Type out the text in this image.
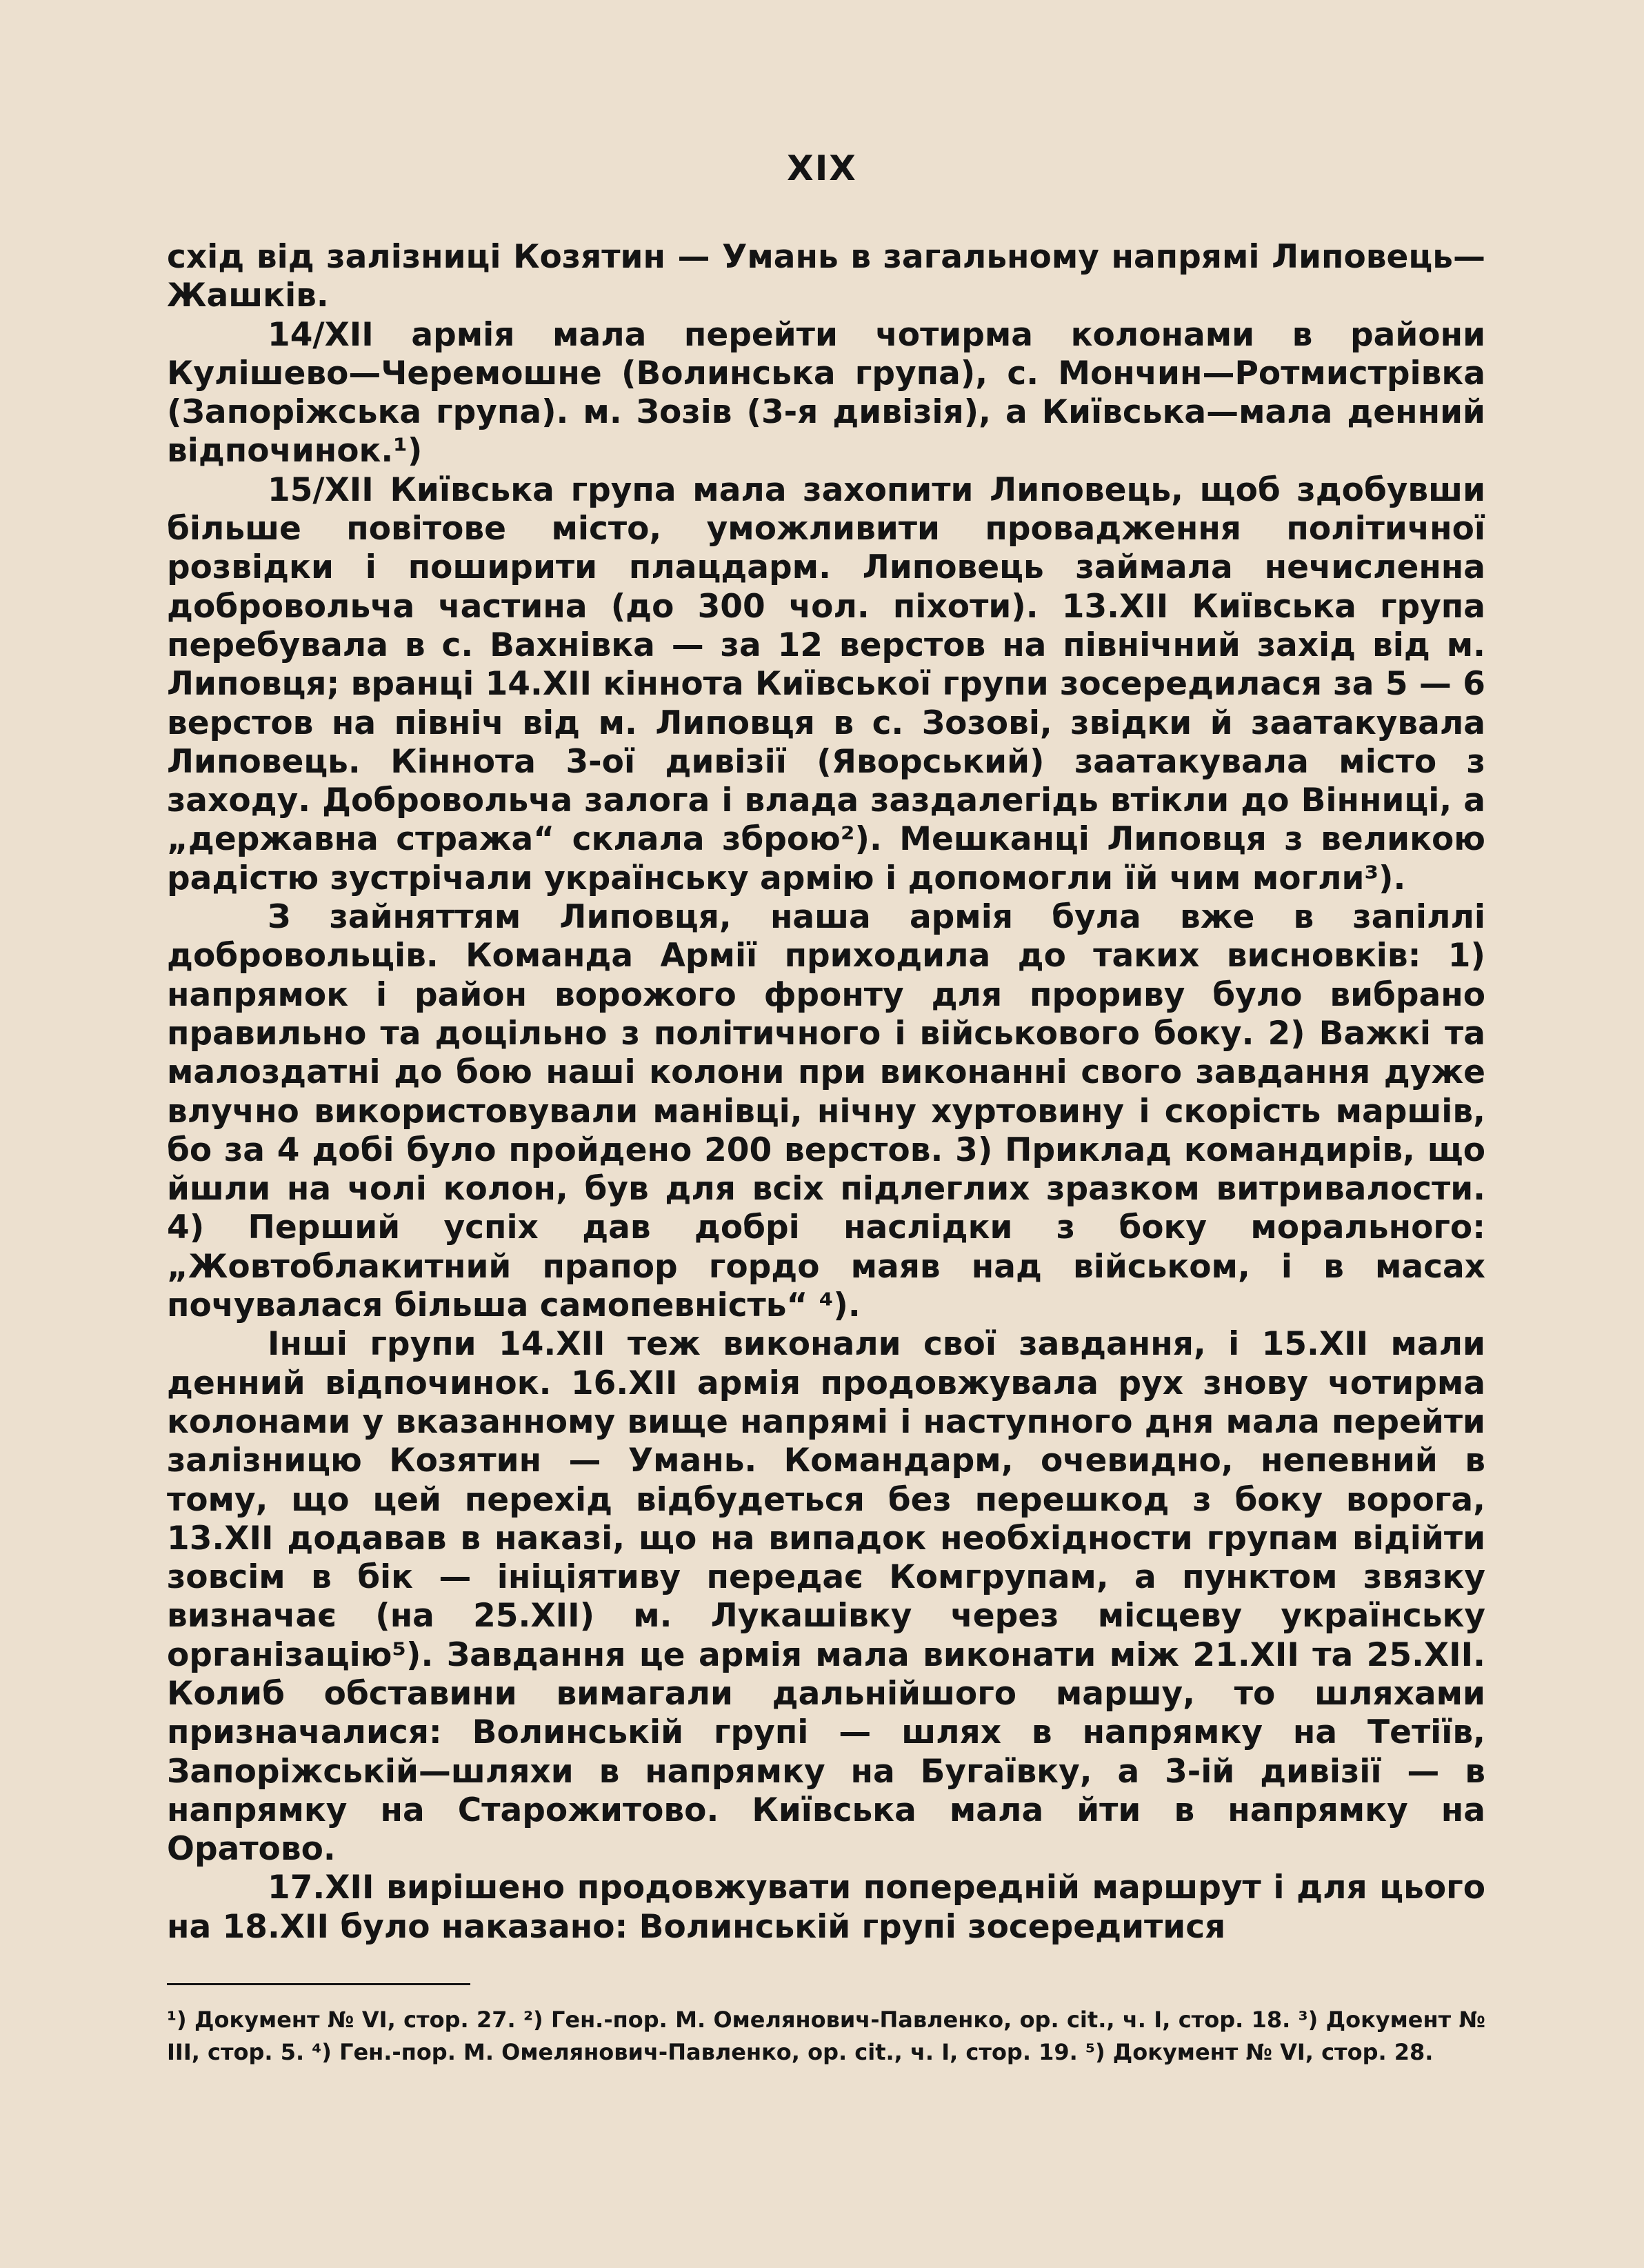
XIX

схід від залізниці Козятин — Умань в загальному напрямі Липовець—Жашків.

14/XII армія мала перейти чотирма колонами в райони Кулішево—Черемошне (Волинська група), с. Мончин—Ротмистрівка (Запоріжська група). м. Зозів (3-я дивізія), а Київська—мала денний відпочинок.¹)

15/XII Київська група мала захопити Липовець, щоб здобувши більше повітове місто, уможливити провадження політичної розвідки і поширити плацдарм. Липовець займала нечисленна добровольча частина (до 300 чол. піхоти). 13.XII Київська група перебувала в с. Вахнівка — за 12 верстов на північний захід від м. Липовця; вранці 14.XII кіннота Київської групи зосередилася за 5 — 6 верстов на північ від м. Липовця в с. Зозові, звідки й заатакувала Липовець. Кіннота 3-ої дивізії (Яворський) заатакувала місто з заходу. Добровольча залога і влада заздалегідь втікли до Вінниці, а „державна стража“ склала зброю²). Мешканці Липовця з великою радістю зустрічали українську армію і допомогли їй чим могли³).

З зайняттям Липовця, наша армія була вже в запіллі добровольців. Команда Армії приходила до таких висновків: 1) напрямок і район ворожого фронту для прориву було вибрано правильно та доцільно з політичного і військового боку. 2) Важкі та малоздатні до бою наші колони при виконанні свого завдання дуже влучно використовували манівці, нічну хуртовину і скорість маршів, бо за 4 добі було пройдено 200 верстов. 3) Приклад командирів, що йшли на чолі колон, був для всіх підлеглих зразком витривалости. 4) Перший успіх дав добрі наслідки з боку морального: „Жовтоблакитний прапор гордо маяв над військом, і в масах почувалася більша самопевність“ ⁴).

Інші групи 14.XII теж виконали свої завдання, і 15.XII мали денний відпочинок. 16.XII армія продовжувала рух знову чотирма колонами у вказанному вище напрямі і наступного дня мала перейти залізницю Козятин — Умань. Командарм, очевидно, непевний в тому, що цей перехід відбудеться без перешкод з боку ворога, 13.XII додавав в наказі, що на випадок необхідности групам відійти зовсім в бік — ініціятиву передає Комгрупам, а пунктом звязку визначає (на 25.XII) м. Лукашівку через місцеву українську організацію⁵). Завдання це армія мала виконати між 21.XII та 25.XII. Колиб обставини вимагали дальнійшого маршу, то шляхами призначалися: Волинській групі — шлях в напрямку на Тетіїв, Запоріжській—шляхи в напрямку на Бугаївку, а 3-ій дивізії — в напрямку на Старожитово. Київська мала йти в напрямку на Оратово.

17.XII вирішено продовжувати попередній маршрут і для цього на 18.XII було наказано: Волинській групі зосередитися

¹) Документ № VI, стор. 27. ²) Ген.-пор. М. Омелянович-Павленко, op. cit., ч. I, стор. 18. ³) Документ № III, стор. 5. ⁴) Ген.-пор. М. Омелянович-Павленко, op. cit., ч. I, стор. 19. ⁵) Документ № VI, стор. 28.
